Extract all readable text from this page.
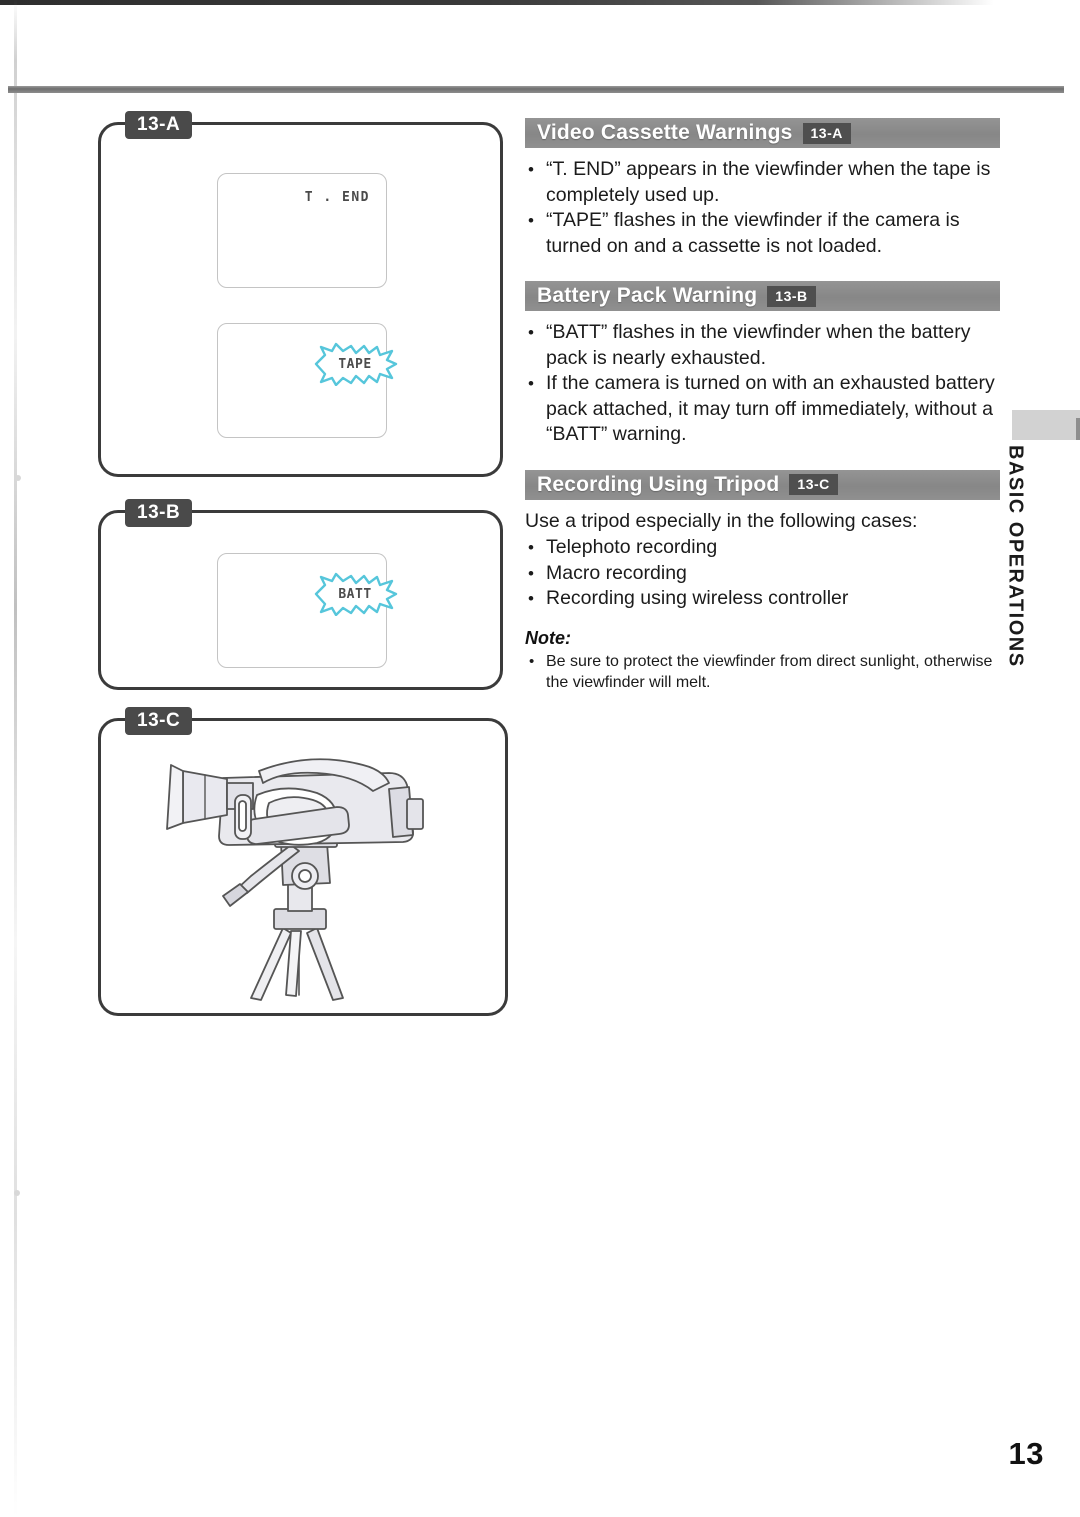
13-A
T . END
TAPE
13-B
BATT
13-C
Video Cassette Warnings	13-A
• “T. END” appears in the viewfinder when the tape is completely used up.
• “TAPE” flashes in the viewfinder if the camera is turned on and a cassette is not loaded.
Battery Pack Warning	13-B
• “BATT” flashes in the viewfinder when the battery pack is nearly exhausted.
• If the camera is turned on with an exhausted battery pack attached, it may turn off immediately, without a “BATT” warning.
Recording Using Tripod	13-C
Use a tripod especially in the following cases:
• Telephoto recording
• Macro recording
• Recording using wireless controller
Note:
• Be sure to protect the viewfinder from direct sunlight, otherwise the viewfinder will melt.
BASIC OPERATIONS
13
